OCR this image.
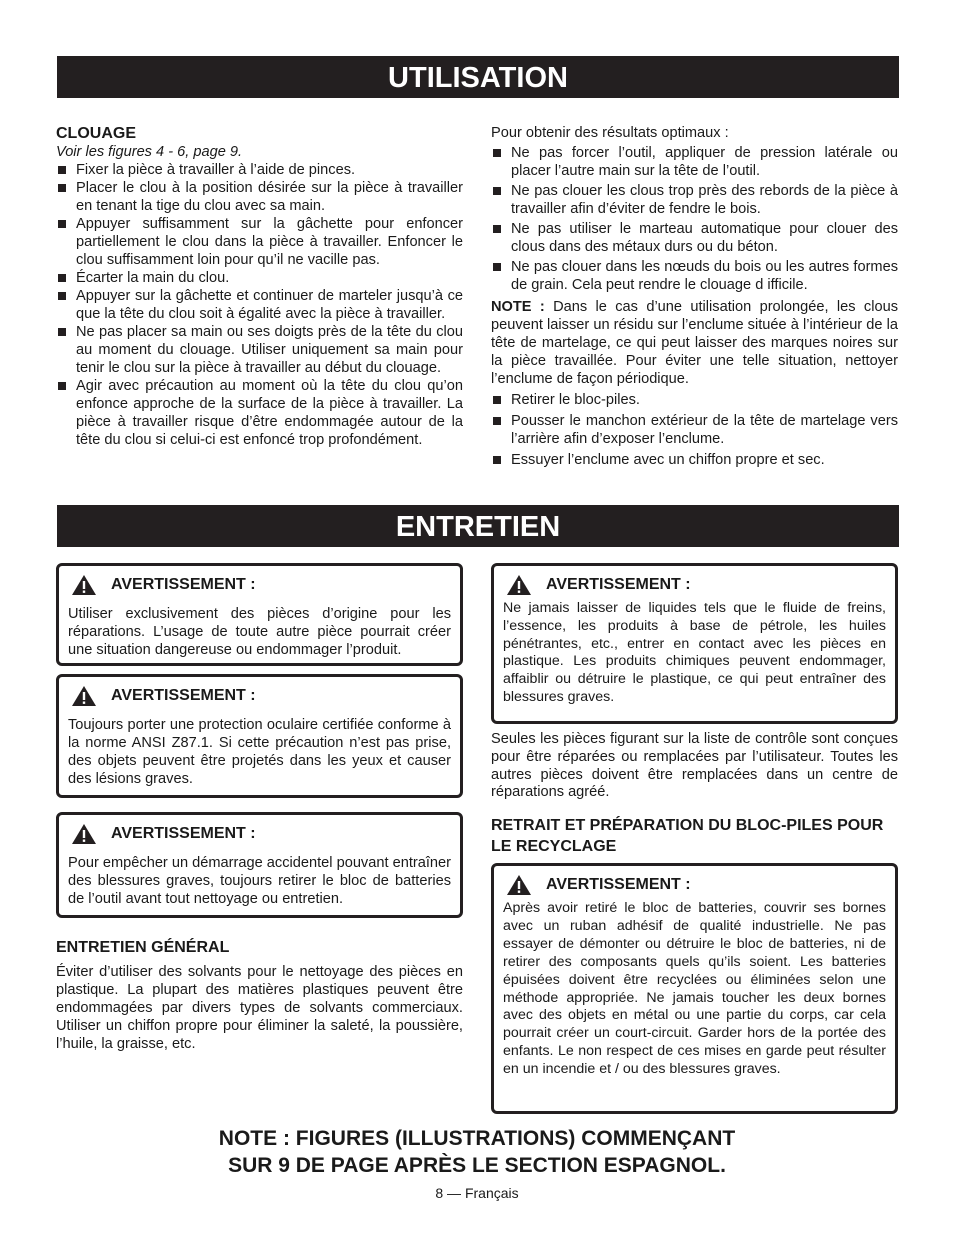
UTILISATION
CLOUAGE

Voir les figures 4 - 6, page 9.

Fixer la pièce à travailler à l’aide de pinces.
Placer le clou à la position désirée sur la pièce à travailler en tenant la tige du clou avec sa main.
Appuyer suffisamment sur la gâchette pour enfoncer partiellement le clou dans la pièce à travailler. Enfoncer le clou suffisamment loin pour qu’il ne vacille pas.
Écarter la main du clou.
Appuyer sur la gâchette et continuer de marteler jusqu’à ce que la tête du clou soit à égalité avec la pièce à travailler.
Ne pas placer sa main ou ses doigts près de la tête du clou au moment du clouage. Utiliser uniquement sa main pour tenir le clou sur la pièce à travailler au début du clouage.
Agir avec précaution au moment où la tête du clou qu’on enfonce approche de la surface de la pièce à travailler. La pièce à travailler risque d’être endommagée autour de la tête du clou si celui-ci est enfoncé trop profondément.

Pour obtenir des résultats optimaux :

Ne pas forcer l’outil, appliquer de pression latérale ou placer l’autre main sur la tête de l’outil.
Ne pas clouer les clous trop près des rebords de la pièce à travailler afin d’éviter de fendre le bois.
Ne pas utiliser le marteau automatique pour clouer des clous dans des métaux durs ou du béton.
Ne pas clouer dans les nœuds du bois ou les autres formes de grain. Cela peut rendre le clouage d ifficile.

NOTE : Dans le cas d’une utilisation prolongée, les clous peuvent laisser un résidu sur l’enclume située à l’intérieur de la tête de martelage, ce qui peut laisser des marques noires sur la pièce travaillée. Pour éviter une telle situation, nettoyer l’enclume de façon périodique.

Retirer le bloc-piles.
Pousser le manchon extérieur de la tête de martelage vers l’arrière afin d’exposer l’enclume.
Essuyer l’enclume avec un chiffon propre et sec.
ENTRETIEN
AVERTISSEMENT :

Utiliser exclusivement des pièces d’origine pour les réparations. L’usage de toute autre pièce pourrait créer une situation dangereuse ou endommager l’produit.

AVERTISSEMENT :

Toujours porter une protection oculaire certifiée conforme à la norme ANSI Z87.1. Si cette précaution n’est pas prise, des objets peuvent être projetés dans les yeux et causer des lésions graves.

AVERTISSEMENT :

Pour empêcher un démarrage accidentel pouvant entraîner des blessures graves, toujours retirer le bloc de batteries de l’outil avant tout nettoyage ou entretien.

ENTRETIEN GÉNÉRAL

Éviter d’utiliser des solvants pour le nettoyage des pièces en plastique. La plupart des matières plastiques peuvent être endommagées par divers types de solvants commerciaux. Utiliser un chiffon propre pour éliminer la saleté, la poussière, l’huile, la graisse, etc.

AVERTISSEMENT :

Ne jamais laisser de liquides tels que le fluide de freins, l’essence, les produits à base de pétrole, les huiles pénétrantes, etc., entrer en contact avec les pièces en plastique. Les produits chimiques peuvent endommager, affaiblir ou détruire le plastique, ce qui peut entraîner des blessures graves.

Seules les pièces figurant sur la liste de contrôle sont conçues pour être réparées ou remplacées par l’utilisateur. Toutes les autres pièces doivent être remplacées dans un centre de réparations agréé.

RETRAIT ET PRÉPARATION DU BLOC-PILES POUR LE RECYCLAGE
AVERTISSEMENT :

Après avoir retiré le bloc de batteries, couvrir ses bornes avec un ruban adhésif de qualité industrielle. Ne pas essayer de démonter ou détruire le bloc de batteries, ni de retirer des composants quels qu’ils soient. Les batteries épuisées doivent être recyclées ou éliminées selon une méthode appropriée. Ne jamais toucher les deux bornes avec des objets en métal ou une partie du corps, car cela pourrait créer un court-circuit. Garder hors de la portée des enfants. Le non respect de ces mises en garde peut résulter en un incendie et / ou des blessures graves.

NOTE : FIGURES (ILLUSTRATIONS) COMMENÇANT
SUR 9 DE PAGE APRÈS LE SECTION ESPAGNOL.
8 — Français
